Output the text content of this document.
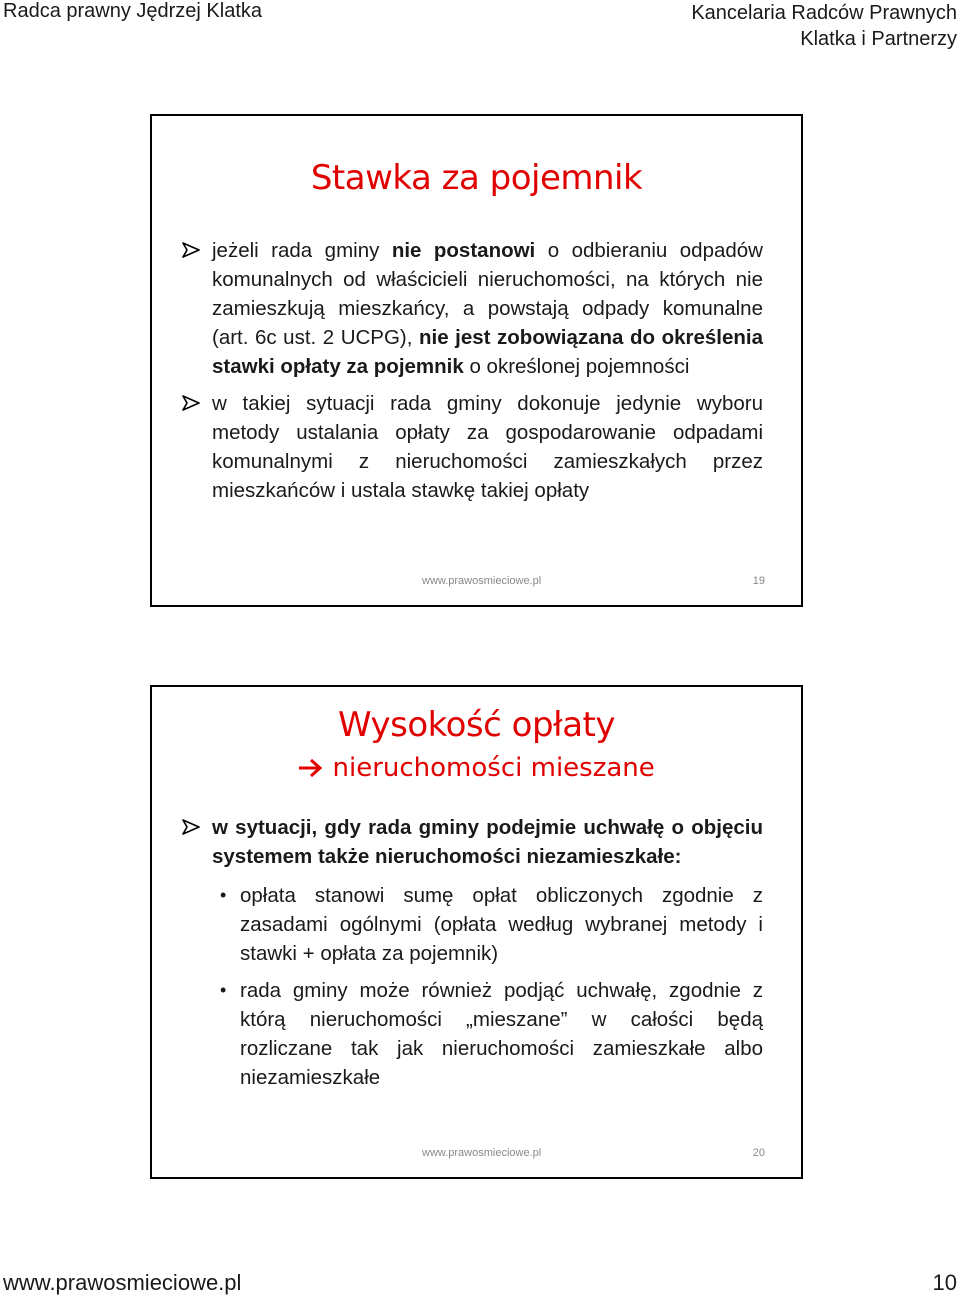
Radca prawny Jędrzej Klatka	Kancelaria Radców Prawnych
Klatka i Partnerzy
Stawka za pojemnik
jeżeli rada gminy nie postanowi o odbieraniu odpadów komunalnych od właścicieli nieruchomości, na których nie zamieszkują mieszkańcy, a powstają odpady komunalne (art. 6c ust. 2 UCPG), nie jest zobowiązana do określenia stawki opłaty za pojemnik o określonej pojemności
w takiej sytuacji rada gminy dokonuje jedynie wyboru metody ustalania opłaty za gospodarowanie odpadami komunalnymi z nieruchomości zamieszkałych przez mieszkańców i ustala stawkę takiej opłaty
www.prawosmieciowe.pl	19
Wysokość opłaty
nieruchomości mieszane
w sytuacji, gdy rada gminy podejmie uchwałę o objęciu systemem także nieruchomości niezamieszkałe:
• opłata stanowi sumę opłat obliczonych zgodnie z zasadami ogólnymi (opłata według wybranej metody i stawki + opłata za pojemnik)
• rada gminy może również podjąć uchwałę, zgodnie z którą nieruchomości „mieszane” w całości będą rozliczane tak jak nieruchomości zamieszkałe albo niezamieszkałe
www.prawosmieciowe.pl	20
www.prawosmieciowe.pl	10
